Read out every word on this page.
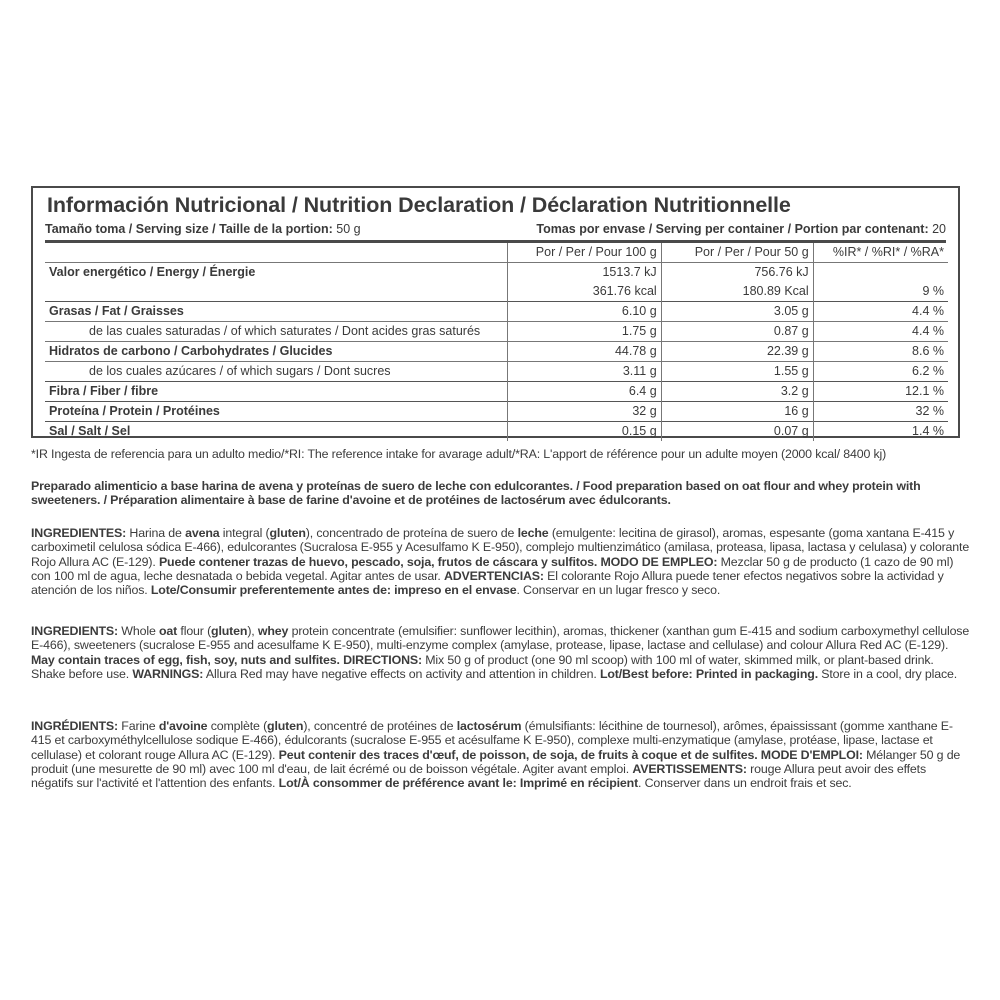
Información Nutricional / Nutrition Declaration / Déclaration Nutritionnelle
Tamaño toma / Serving size / Taille de la portion: 50 g	Tomas por envase / Serving per container / Portion par contenant: 20
	Por / Per / Pour 100 g	Por / Per / Pour 50 g	%IR* / %RI* / %RA*
Valor energético / Energy / Énergie	1513.7 kJ	756.76 kJ	
	361.76 kcal	180.89 Kcal	9 %
Grasas / Fat / Graisses	6.10 g	3.05 g	4.4 %
de las cuales saturadas / of which saturates / Dont acides gras saturés	1.75 g	0.87 g	4.4 %
Hidratos de carbono / Carbohydrates / Glucides	44.78 g	22.39 g	8.6 %
de los cuales azúcares / of which sugars / Dont sucres	3.11 g	1.55 g	6.2 %
Fibra / Fiber / fibre	6.4 g	3.2 g	12.1 %
Proteína / Protein / Protéines	32 g	16 g	32 %
Sal / Salt / Sel	0.15 g	0.07 g	1.4 %
*IR Ingesta de referencia para un adulto medio/*RI: The reference intake for avarage adult/*RA: L'apport de référence pour un adulte moyen (2000 kcal/ 8400 kj)
Preparado alimenticio a base harina de avena y proteínas de suero de leche con edulcorantes. / Food preparation based on oat flour and whey protein with sweeteners. / Préparation alimentaire à base de farine d'avoine et de protéines de lactosérum avec édulcorants.
INGREDIENTES: Harina de avena integral (gluten), concentrado de proteína de suero de leche (emulgente: lecitina de girasol), aromas, espesante (goma xantana E-415 y carboximetil celulosa sódica E-466), edulcorantes (Sucralosa E-955 y Acesulfamo K E-950), complejo multienzimático (amilasa, proteasa, lipasa, lactasa y celulasa) y colorante Rojo Allura AC (E-129). Puede contener trazas de huevo, pescado, soja, frutos de cáscara y sulfitos. MODO DE EMPLEO: Mezclar 50 g de producto (1 cazo de 90 ml) con 100 ml de agua, leche desnatada o bebida vegetal. Agitar antes de usar. ADVERTENCIAS: El colorante Rojo Allura puede tener efectos negativos sobre la actividad y atención de los niños. Lote/Consumir preferentemente antes de: impreso en el envase. Conservar en un lugar fresco y seco.
INGREDIENTS: Whole oat flour (gluten), whey protein concentrate (emulsifier: sunflower lecithin), aromas, thickener (xanthan gum E-415 and sodium carboxymethyl cellulose E-466), sweeteners (sucralose E-955 and acesulfame K E-950), multi-enzyme complex (amylase, protease, lipase, lactase and cellulase) and colour Allura Red AC (E-129). May contain traces of egg, fish, soy, nuts and sulfites. DIRECTIONS: Mix 50 g of product (one 90 ml scoop) with 100 ml of water, skimmed milk, or plant-based drink. Shake before use. WARNINGS: Allura Red may have negative effects on activity and attention in children. Lot/Best before: Printed in packaging. Store in a cool, dry place.
INGRÉDIENTS: Farine d'avoine complète (gluten), concentré de protéines de lactosérum (émulsifiants: lécithine de tournesol), arômes, épaississant (gomme xanthane E-415 et carboxyméthylcellulose sodique E-466), édulcorants (sucralose E-955 et acésulfame K E-950), complexe multi-enzymatique (amylase, protéase, lipase, lactase et cellulase) et colorant rouge Allura AC (E-129). Peut contenir des traces d'œuf, de poisson, de soja, de fruits à coque et de sulfites. MODE D'EMPLOI: Mélanger 50 g de produit (une mesurette de 90 ml) avec 100 ml d'eau, de lait écrémé ou de boisson végétale. Agiter avant emploi. AVERTISSEMENTS: rouge Allura peut avoir des effets négatifs sur l'activité et l'attention des enfants. Lot/À consommer de préférence avant le: Imprimé en récipient. Conserver dans un endroit frais et sec.
